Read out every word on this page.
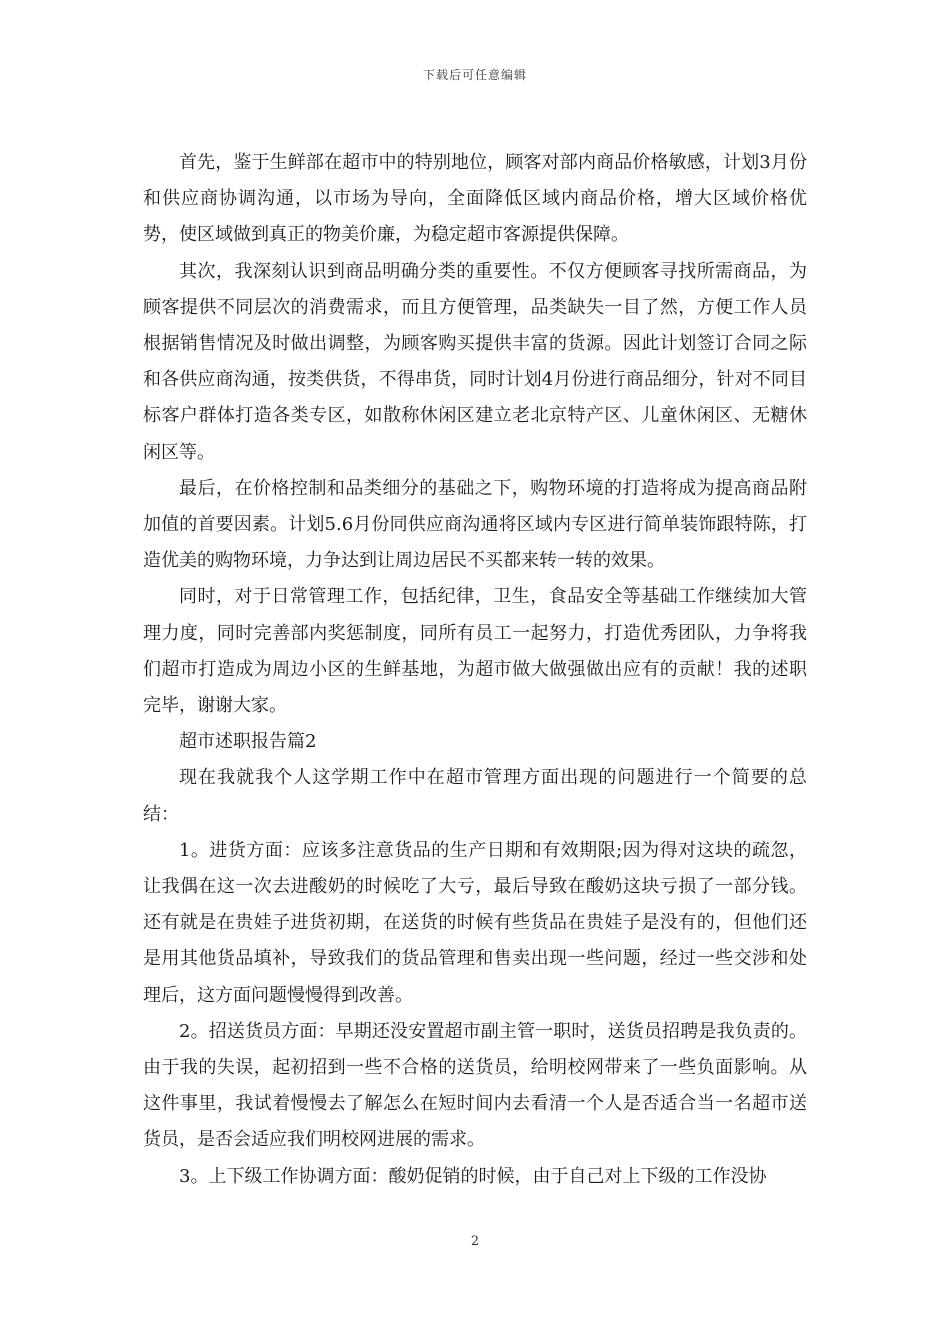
下载后可任意编辑

首先，鉴于生鲜部在超市中的特别地位，顾客对部内商品价格敏感，计划3月份和供应商协调沟通，以市场为导向，全面降低区域内商品价格，增大区域价格优势，使区域做到真正的物美价廉，为稳定超市客源提供保障。

其次，我深刻认识到商品明确分类的重要性。不仅方便顾客寻找所需商品，为顾客提供不同层次的消费需求，而且方便管理，品类缺失一目了然，方便工作人员根据销售情况及时做出调整，为顾客购买提供丰富的货源。因此计划签订合同之际和各供应商沟通，按类供货，不得串货，同时计划4月份进行商品细分，针对不同目标客户群体打造各类专区，如散称休闲区建立老北京特产区、儿童休闲区、无糖休闲区等。

最后，在价格控制和品类细分的基础之下，购物环境的打造将成为提高商品附加值的首要因素。计划5.6月份同供应商沟通将区域内专区进行简单装饰跟特陈，打造优美的购物环境，力争达到让周边居民不买都来转一转的效果。

同时，对于日常管理工作，包括纪律，卫生，食品安全等基础工作继续加大管理力度，同时完善部内奖惩制度，同所有员工一起努力，打造优秀团队，力争将我们超市打造成为周边小区的生鲜基地，为超市做大做强做出应有的贡献！我的述职完毕，谢谢大家。

超市述职报告篇2

现在我就我个人这学期工作中在超市管理方面出现的问题进行一个简要的总结：

1。进货方面：应该多注意货品的生产日期和有效期限;因为得对这块的疏忽，让我偶在这一次去进酸奶的时候吃了大亏，最后导致在酸奶这块亏损了一部分钱。还有就是在贵娃子进货初期，在送货的时候有些货品在贵娃子是没有的，但他们还是用其他货品填补，导致我们的货品管理和售卖出现一些问题，经过一些交涉和处理后，这方面问题慢慢得到改善。

2。招送货员方面：早期还没安置超市副主管一职时，送货员招聘是我负责的。由于我的失误，起初招到一些不合格的送货员，给明校网带来了一些负面影响。从这件事里，我试着慢慢去了解怎么在短时间内去看清一个人是否适合当一名超市送货员，是否会适应我们明校网进展的需求。

3。上下级工作协调方面：酸奶促销的时候，由于自己对上下级的工作没协

2
